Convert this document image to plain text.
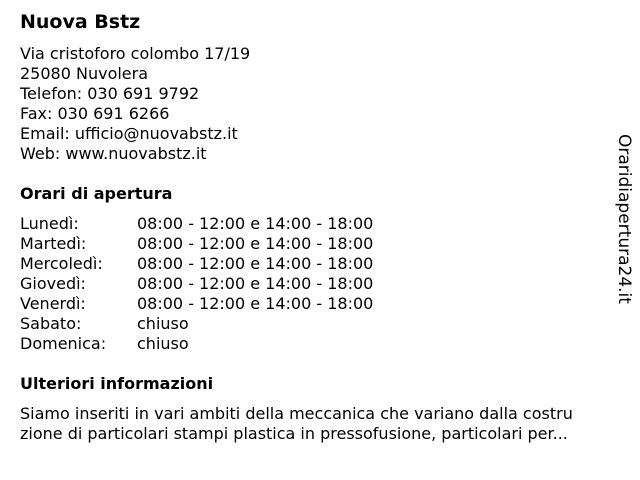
Nuova Bstz
Via cristoforo colombo 17/19
25080 Nuvolera
Telefon: 030 691 9792
Fax: 030 691 6266
Email: ufficio@nuovabstz.it
Web: www.nuovabstz.it
Orari di apertura
Lunedì:	08:00 - 12:00 e 14:00 - 18:00
Martedì:	08:00 - 12:00 e 14:00 - 18:00
Mercoledì: 08:00 - 12:00 e 14:00 - 18:00
Giovedì:	08:00 - 12:00 e 14:00 - 18:00
Venerdì:	08:00 - 12:00 e 14:00 - 18:00
Sabato:	chiuso
Domenica: chiuso
Ulteriori informazioni
Siamo inseriti in vari ambiti della meccanica che variano dalla costru
zione di particolari stampi plastica in pressofusione, particolari per...
Oraridiapertura24.it
